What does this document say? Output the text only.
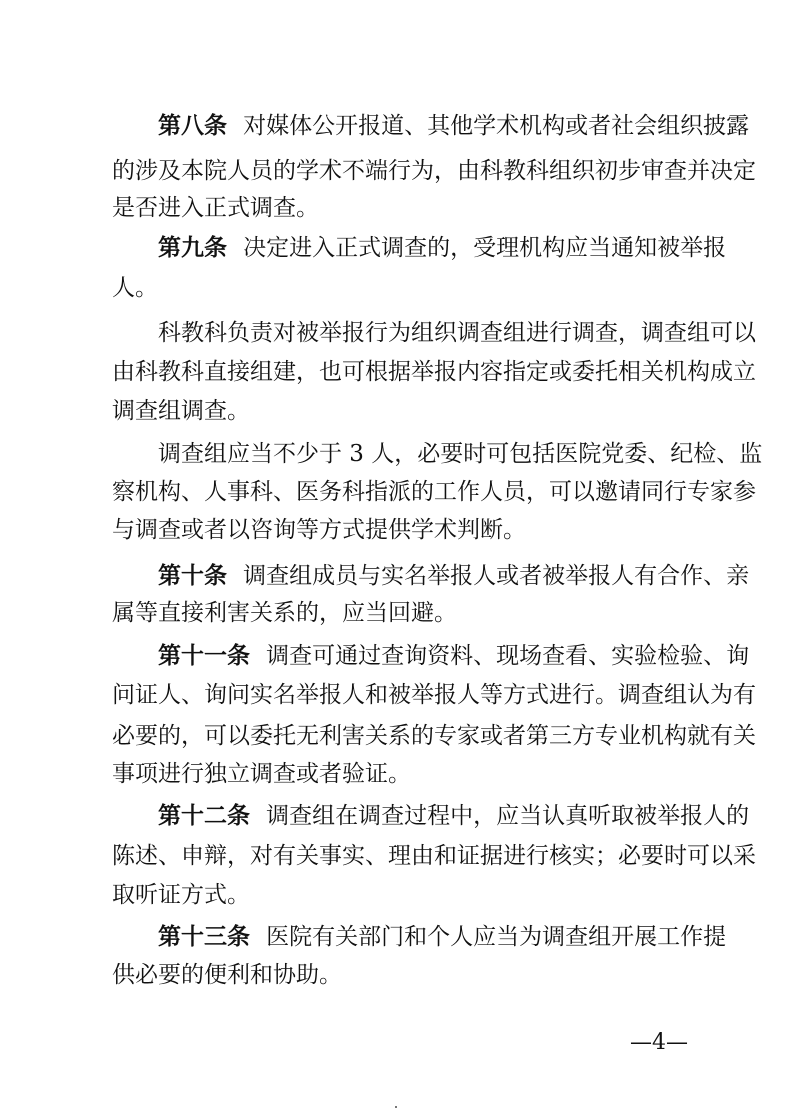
第八条 对媒体公开报道、其他学术机构或者社会组织披露
的涉及本院人员的学术不端行为，由科教科组织初步审查并决定
是否进入正式调查。
第九条 决定进入正式调查的，受理机构应当通知被举报
人。
科教科负责对被举报行为组织调查组进行调查，调查组可以
由科教科直接组建，也可根据举报内容指定或委托相关机构成立
调查组调查。
调查组应当不少于 3 人，必要时可包括医院党委、纪检、监
察机构、人事科、医务科指派的工作人员，可以邀请同行专家参
与调查或者以咨询等方式提供学术判断。
第十条 调查组成员与实名举报人或者被举报人有合作、亲
属等直接利害关系的，应当回避。
第十一条 调查可通过查询资料、现场查看、实验检验、询
问证人、询问实名举报人和被举报人等方式进行。调查组认为有
必要的，可以委托无利害关系的专家或者第三方专业机构就有关
事项进行独立调查或者验证。
第十二条 调查组在调查过程中，应当认真听取被举报人的
陈述、申辩，对有关事实、理由和证据进行核实；必要时可以采
取听证方式。
第十三条 医院有关部门和个人应当为调查组开展工作提
供必要的便利和协助。
—4—
